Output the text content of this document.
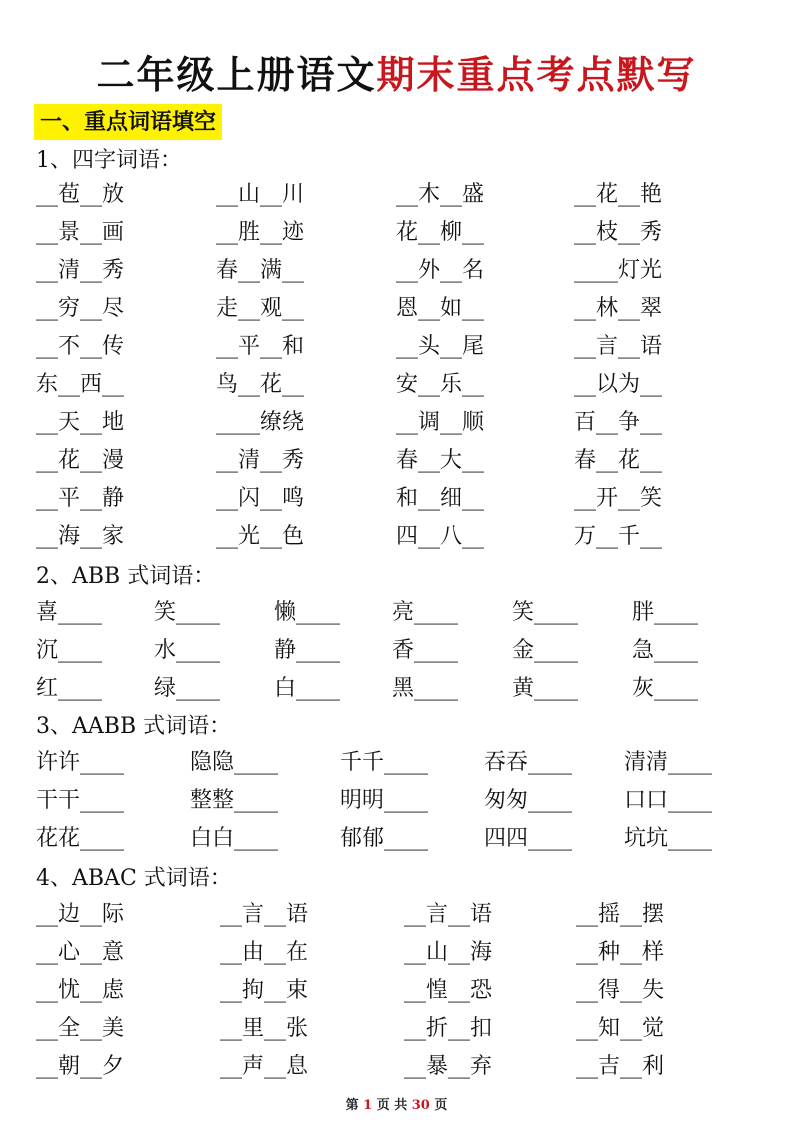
二年级上册语文期末重点考点默写
一、重点词语填空
1、四字词语：
__苞__放	__山__川	__木__盛	__花__艳
__景__画	__胜__迹	花__柳__	__枝__秀
__清__秀	春__满__	__外__名	____灯光
__穷__尽	走__观__	恩__如__	__林__翠
__不__传	__平__和	__头__尾	__言__语
东__西__	鸟__花__	安__乐__	__以为__
__天__地	____缭绕	__调__顺	百__争__
__花__漫	__清__秀	春__大__	春__花__
__平__静	__闪__鸣	和__细__	__开__笑
__海__家	__光__色	四__八__	万__千__
2、ABB 式词语：
喜____ 笑____ 懒____ 亮____ 笑____ 胖____
沉____ 水____ 静____ 香____ 金____ 急____
红____ 绿____ 白____ 黑____ 黄____ 灰____
3、AABB 式词语：
许许____	隐隐____	千千____	吞吞____ 清清____
干干____	整整____	明明____	匆匆____ 口口____
花花____	白白____	郁郁____	四四____ 坑坑____
4、ABAC 式词语：
__边__际	__言__语	__言__语	__摇__摆
__心__意	__由__在	__山__海	__种__样
__忧__虑	__拘__束	__惶__恐	__得__失
__全__美	__里__张	__折__扣	__知__觉
__朝__夕	__声__息	__暴__弃	__吉__利
第 1 页 共 30 页
